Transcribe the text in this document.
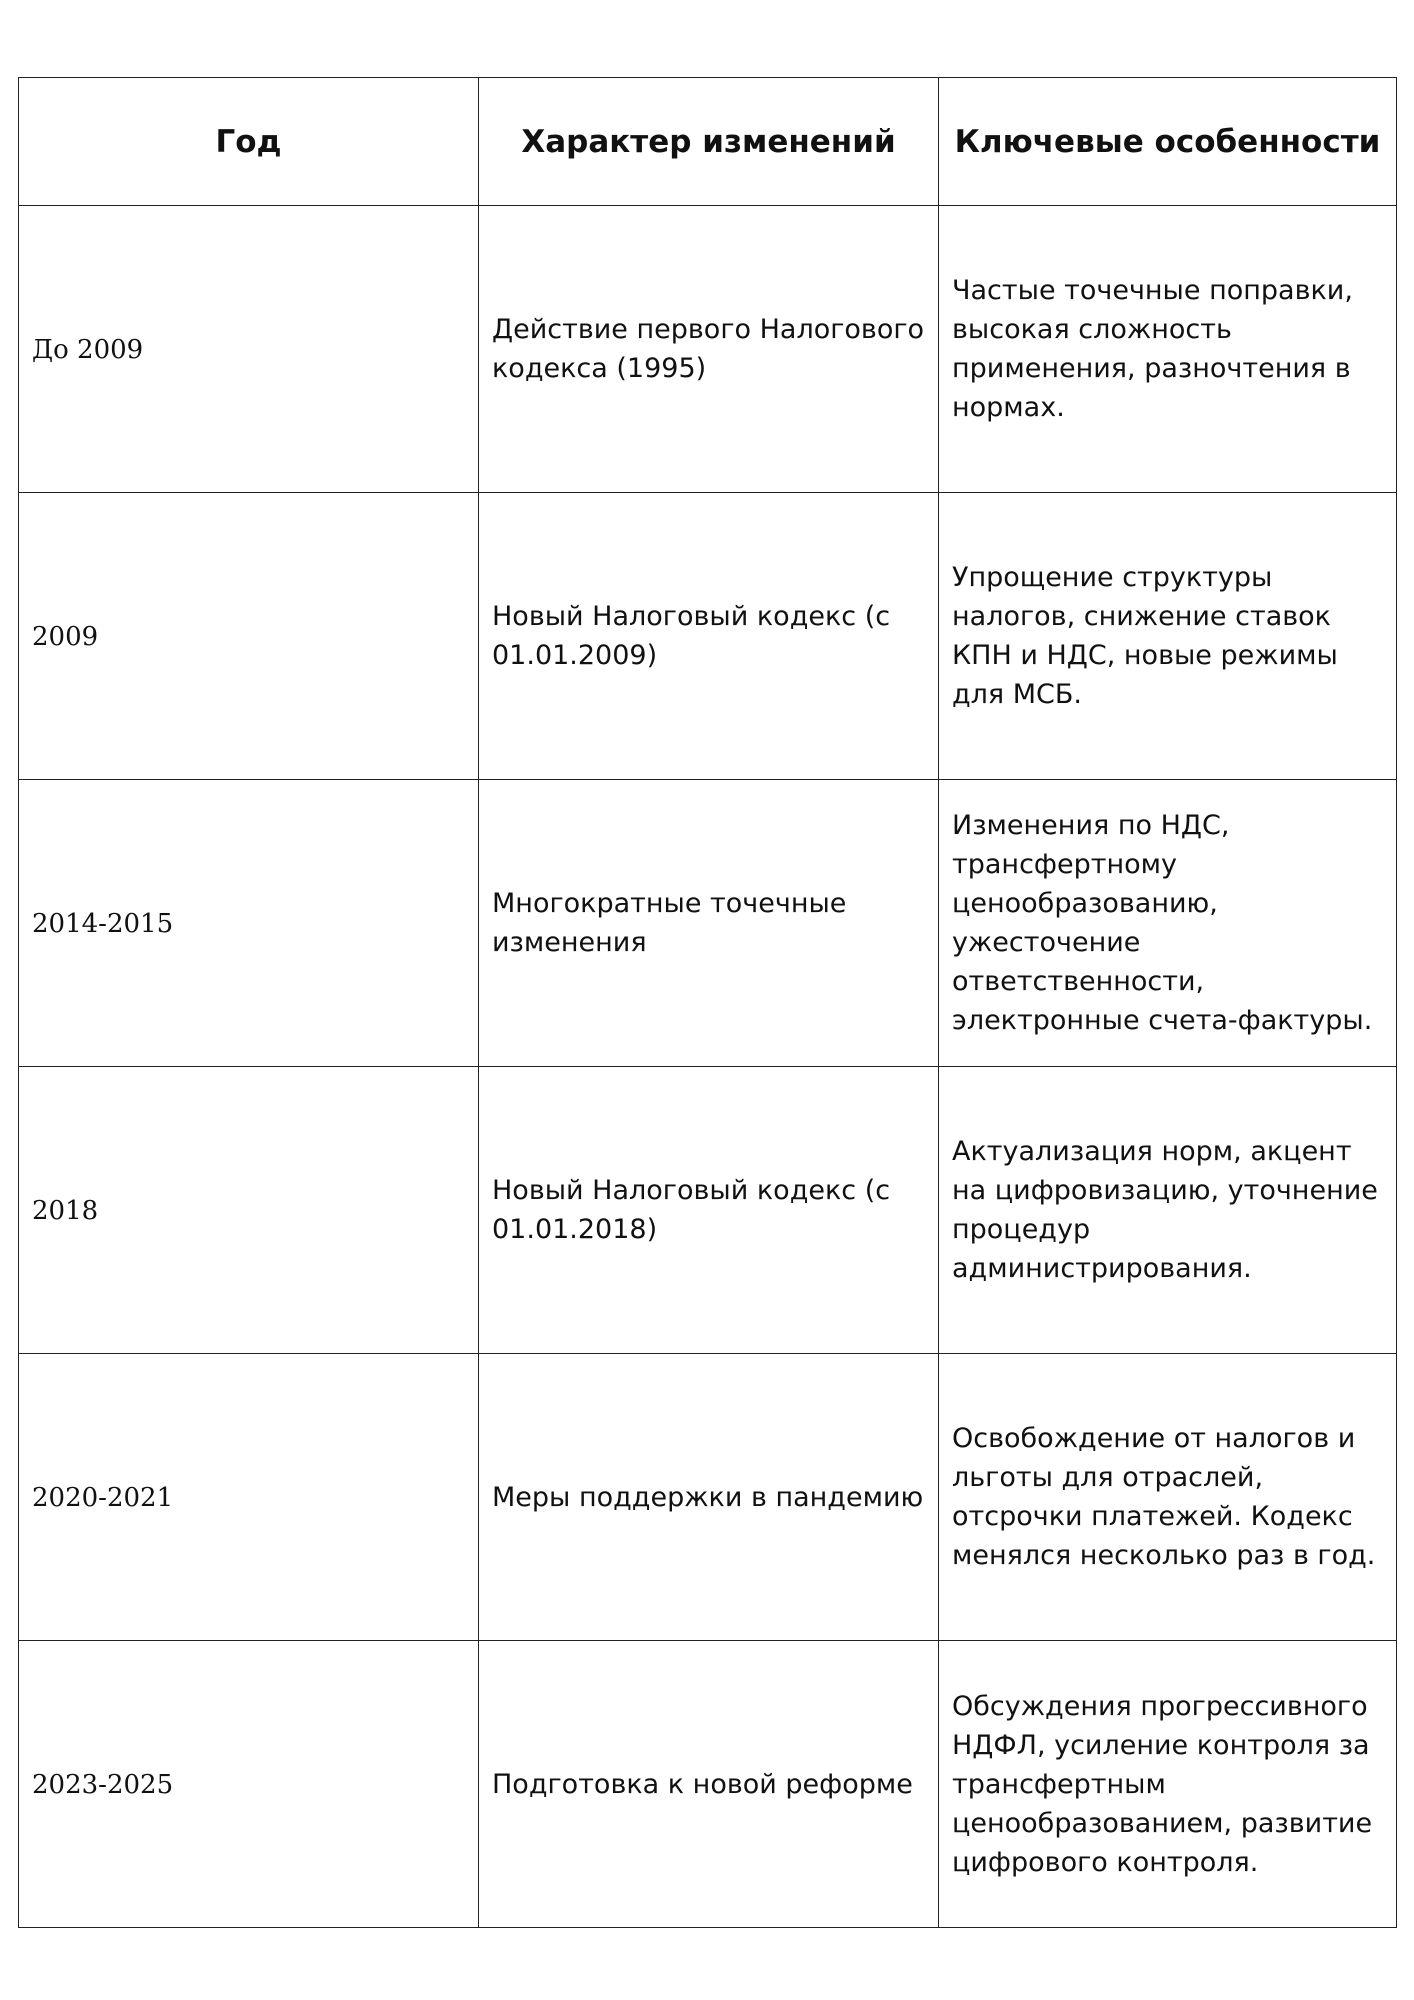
Год	Характер изменений	Ключевые особенности
До 2009	Действие первого Налогового кодекса (1995)	Частые точечные поправки, высокая сложность применения, разночтения в нормах.
2009	Новый Налоговый кодекс (с 01.01.2009)	Упрощение структуры налогов, снижение ставок КПН и НДС, новые режимы для МСБ.
2014-2015	Многократные точечные изменения	Изменения по НДС, трансфертному ценообразованию, ужесточение ответственности, электронные счета-фактуры.
2018	Новый Налоговый кодекс (с 01.01.2018)	Актуализация норм, акцент на цифровизацию, уточнение процедур администрирования.
2020-2021	Меры поддержки в пандемию	Освобождение от налогов и льготы для отраслей, отсрочки платежей. Кодекс менялся несколько раз в год.
2023-2025	Подготовка к новой реформе	Обсуждения прогрессивного НДФЛ, усиление контроля за трансфертным ценообразованием, развитие цифрового контроля.
